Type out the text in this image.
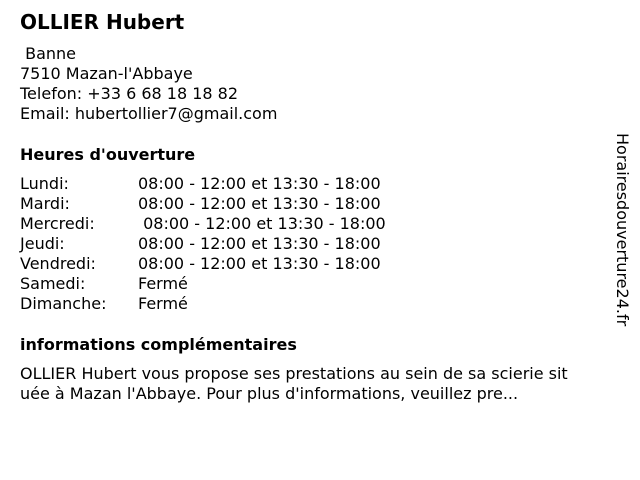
OLLIER Hubert
Banne
7510 Mazan-l'Abbaye
Telefon: +33 6 68 18 18 82
Email: hubertollier7@gmail.com
Heures d'ouverture
Lundi:	08:00 - 12:00 et 13:30 - 18:00
Mardi:	08:00 - 12:00 et 13:30 - 18:00
Mercredi:	08:00 - 12:00 et 13:30 - 18:00
Jeudi:	08:00 - 12:00 et 13:30 - 18:00
Vendredi:	08:00 - 12:00 et 13:30 - 18:00
Samedi:	Fermé
Dimanche: Fermé
informations complémentaires
OLLIER Hubert vous propose ses prestations au sein de sa scierie sit
uée à Mazan l'Abbaye. Pour plus d'informations, veuillez pre...
Horairesdouverture24.fr
